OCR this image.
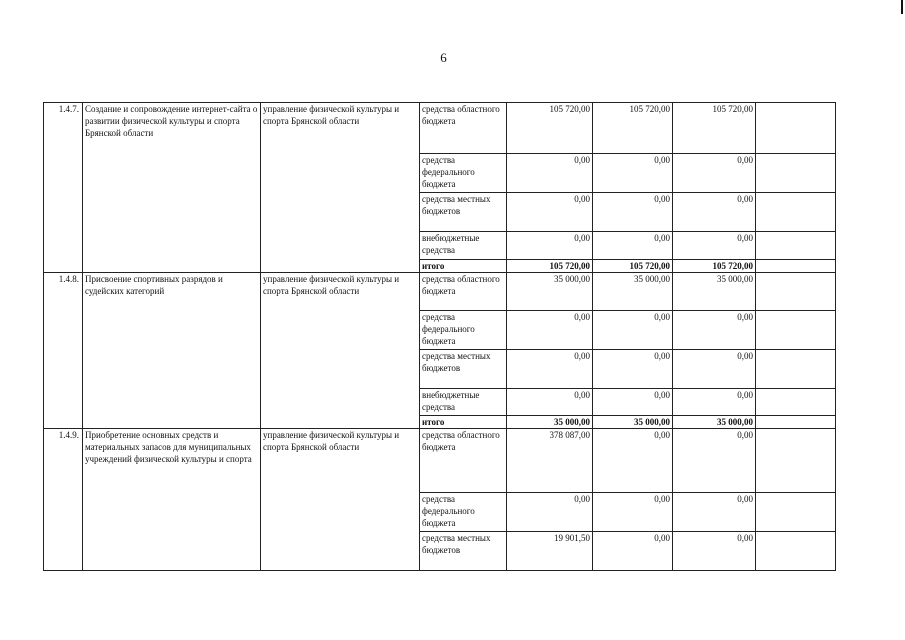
6
1.4.7.	Создание и сопровождение интернет-сайта о развитии физической культуры и спорта Брянской области	управление физической культуры и спорта Брянской области	средства областного бюджета	105 720,00	105 720,00	105 720,00	
			средства федерального бюджета	0,00	0,00	0,00	
			средства местных бюджетов	0,00	0,00	0,00	
			внебюджетные средства	0,00	0,00	0,00	
			итого	105 720,00	105 720,00	105 720,00	
1.4.8.	Присвоение спортивных разрядов и судейских категорий	управление физической культуры и спорта Брянской области	средства областного бюджета	35 000,00	35 000,00	35 000,00	
			средства федерального бюджета	0,00	0,00	0,00	
			средства местных бюджетов	0,00	0,00	0,00	
			внебюджетные средства	0,00	0,00	0,00	
			итого	35 000,00	35 000,00	35 000,00	
1.4.9.	Приобретение основных средств и материальных запасов для муниципальных учреждений физической культуры и спорта	управление физической культуры и спорта Брянской области	средства областного бюджета	378 087,00	0,00	0,00	
			средства федерального бюджета	0,00	0,00	0,00	
			средства местных бюджетов	19 901,50	0,00	0,00	
